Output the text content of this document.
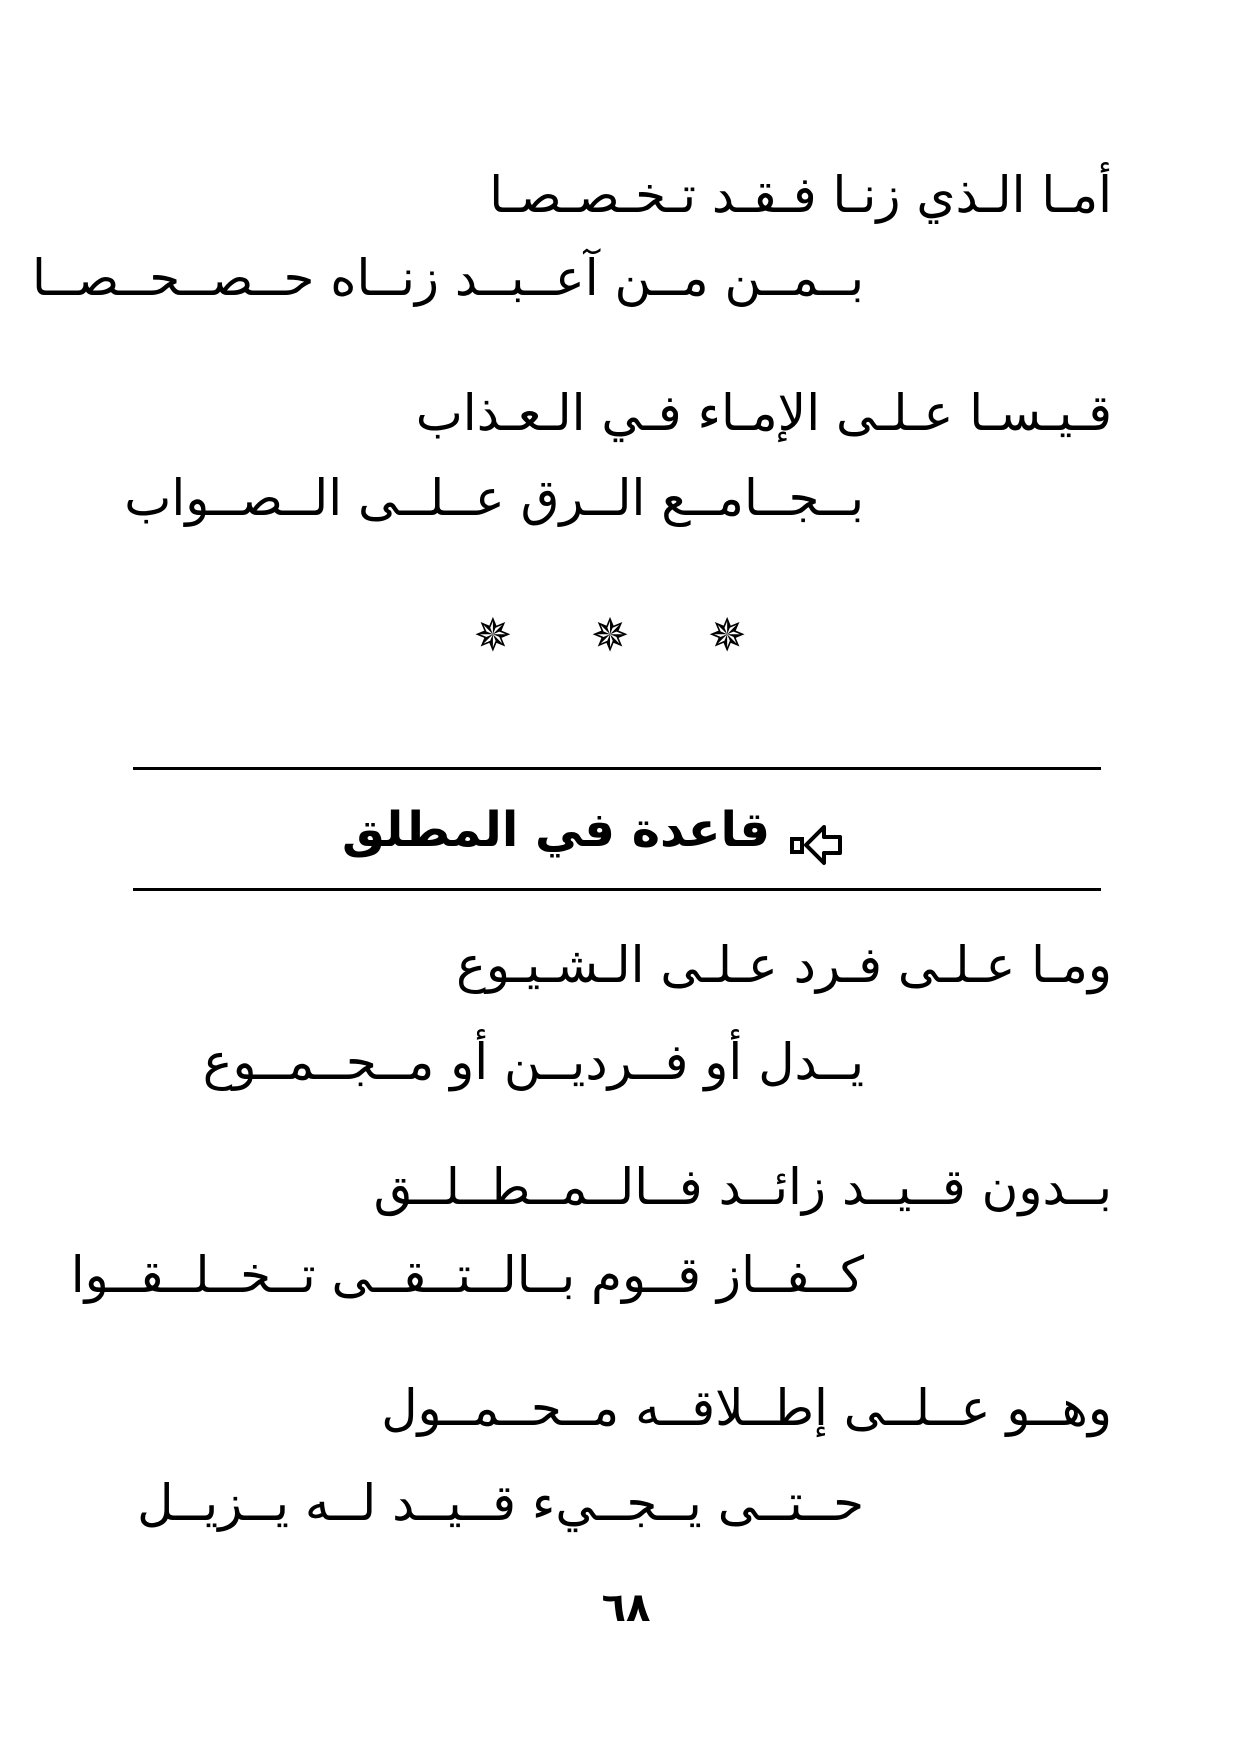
أمـا الـذي زنـا فـقـد تـخـصـصـا
بــمــن مــن آعــبــد زنــاه حــصــحــصــا
قـيـسـا عـلـى الإمـاء فـي الـعـذاب
بــجــامــع الــرق عــلــى الــصــواب
✵ ✵ ✵
قاعدة في المطلق
ومـا عـلـى فـرد عـلـى الـشـيـوع
يــدل أو فــرديــن أو مــجــمــوع
بــدون قــيــد زائــد فــالــمــطــلــق
كــفــاز قــوم بــالــتــقــى تــخــلــقــوا
وهــو عــلــى إطــلاقــه مــحــمــول
حــتــى يــجــيء قــيــد لــه يــزيــل
٦٨
